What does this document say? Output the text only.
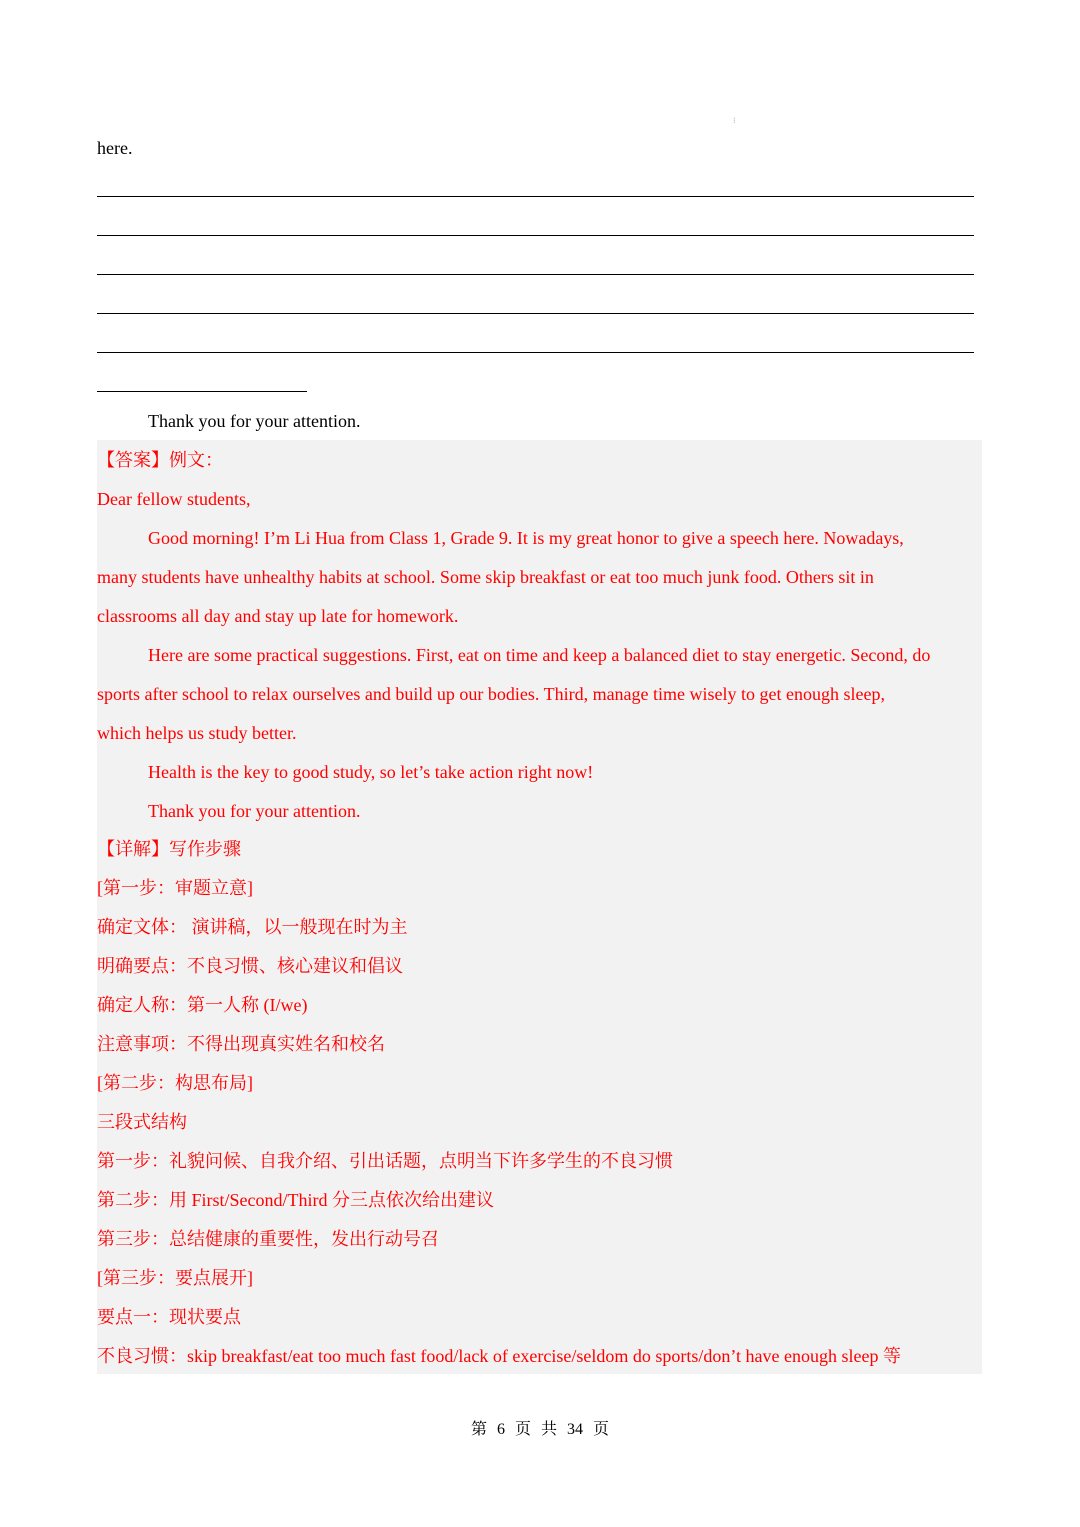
⁝
here.
Thank you for your attention.
【答案】例文：
Dear fellow students,
Good morning! I’m Li Hua from Class 1, Grade 9. It is my great honor to give a speech here. Nowadays,
many students have unhealthy habits at school. Some skip breakfast or eat too much junk food. Others sit in
classrooms all day and stay up late for homework.
Here are some practical suggestions. First, eat on time and keep a balanced diet to stay energetic. Second, do
sports after school to relax ourselves and build up our bodies. Third, manage time wisely to get enough sleep,
which helps us study better.
Health is the key to good study, so let’s take action right now!
Thank you for your attention.
【详解】写作步骤
[第一步：审题立意]
确定文体： 演讲稿，以一般现在时为主
明确要点：不良习惯、核心建议和倡议
确定人称：第一人称 (I/we)
注意事项：不得出现真实姓名和校名
[第二步：构思布局]
三段式结构
第一步：礼貌问候、自我介绍、引出话题，点明当下许多学生的不良习惯
第二步：用 First/Second/Third 分三点依次给出建议
第三步：总结健康的重要性，发出行动号召
[第三步：要点展开]
要点一：现状要点
不良习惯：skip breakfast/eat too much fast food/lack of exercise/seldom do sports/don’t have enough sleep 等
第 6 页 共 34 页
